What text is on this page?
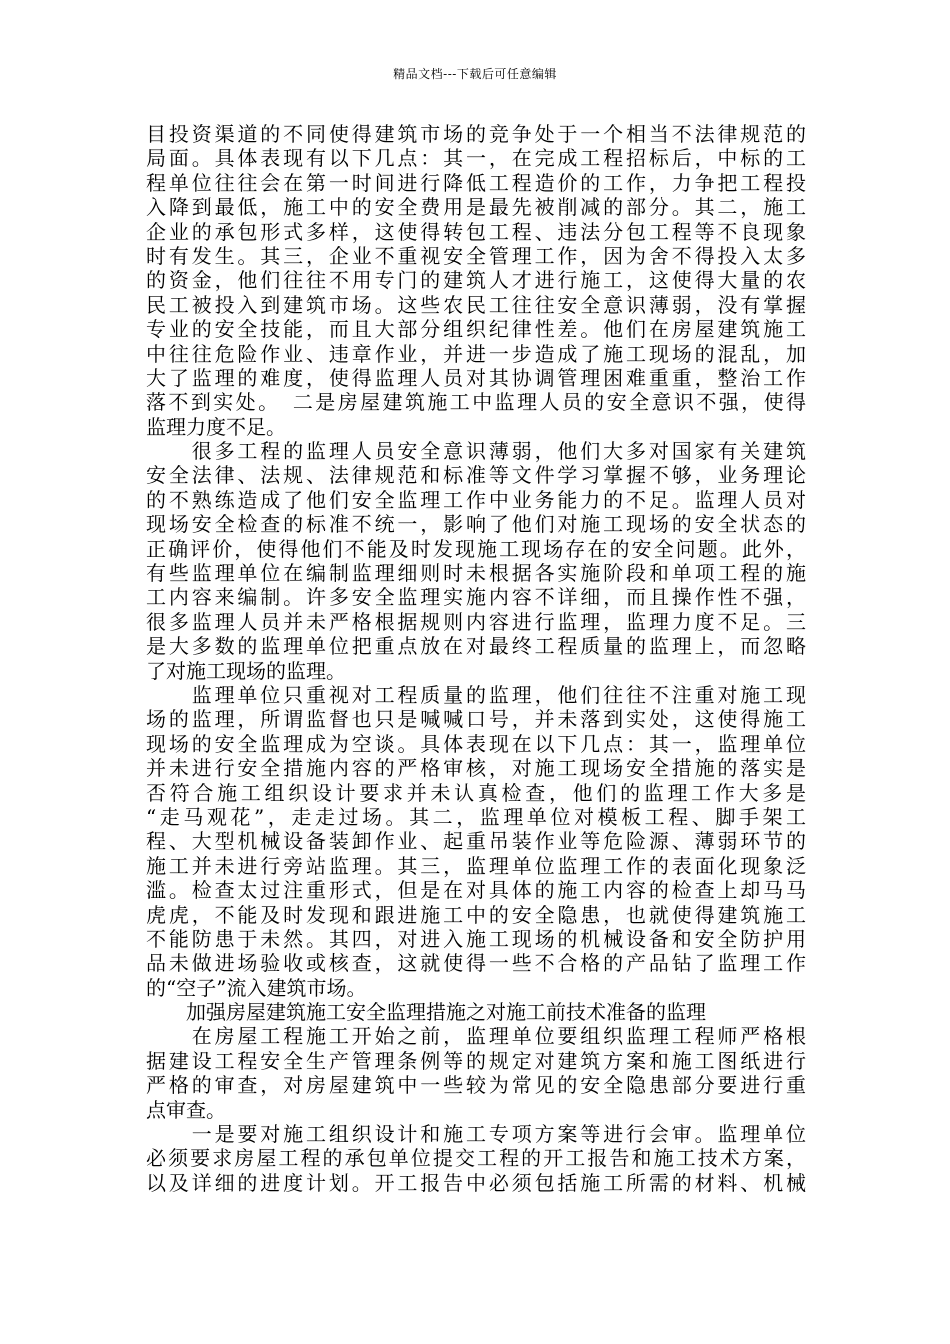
精品文档---下载后可任意编辑
目投资渠道的不同使得建筑市场的竞争处于一个相当不法律规范的
局面。具体表现有以下几点：其一，在完成工程招标后，中标的工
程单位往往会在第一时间进行降低工程造价的工作，力争把工程投
入降到最低，施工中的安全费用是最先被削减的部分。其二，施工
企业的承包形式多样，这使得转包工程、违法分包工程等不良现象
时有发生。其三，企业不重视安全管理工作，因为舍不得投入太多
的资金，他们往往不用专门的建筑人才进行施工，这使得大量的农
民工被投入到建筑市场。这些农民工往往安全意识薄弱，没有掌握
专业的安全技能，而且大部分组织纪律性差。他们在房屋建筑施工
中往往危险作业、违章作业，并进一步造成了施工现场的混乱，加
大了监理的难度，使得监理人员对其协调管理困难重重，整治工作
落不到实处。　二是房屋建筑施工中监理人员的安全意识不强，使得
监理力度不足。
　　很多工程的监理人员安全意识薄弱，他们大多对国家有关建筑
安全法律、法规、法律规范和标准等文件学习掌握不够，业务理论
的不熟练造成了他们安全监理工作中业务能力的不足。监理人员对
现场安全检查的标准不统一，影响了他们对施工现场的安全状态的
正确评价，使得他们不能及时发现施工现场存在的安全问题。此外，
有些监理单位在编制监理细则时未根据各实施阶段和单项工程的施
工内容来编制。许多安全监理实施内容不详细，而且操作性不强，
很多监理人员并未严格根据规则内容进行监理，监理力度不足。三
是大多数的监理单位把重点放在对最终工程质量的监理上，而忽略
了对施工现场的监理。
　　监理单位只重视对工程质量的监理，他们往往不注重对施工现
场的监理，所谓监督也只是喊喊口号，并未落到实处，这使得施工
现场的安全监理成为空谈。具体表现在以下几点：其一，监理单位
并未进行安全措施内容的严格审核，对施工现场安全措施的落实是
否符合施工组织设计要求并未认真检查，他们的监理工作大多是
“走马观花”，走走过场。其二，监理单位对模板工程、脚手架工
程、大型机械设备装卸作业、起重吊装作业等危险源、薄弱环节的
施工并未进行旁站监理。其三，监理单位监理工作的表面化现象泛
滥。检查太过注重形式，但是在对具体的施工内容的检查上却马马
虎虎，不能及时发现和跟进施工中的安全隐患，也就使得建筑施工
不能防患于未然。其四，对进入施工现场的机械设备和安全防护用
品未做进场验收或核查，这就使得一些不合格的产品钻了监理工作
的“空子”流入建筑市场。
　　加强房屋建筑施工安全监理措施之对施工前技术准备的监理
　　在房屋工程施工开始之前，监理单位要组织监理工程师严格根
据建设工程安全生产管理条例等的规定对建筑方案和施工图纸进行
严格的审查，对房屋建筑中一些较为常见的安全隐患部分要进行重
点审查。
　　一是要对施工组织设计和施工专项方案等进行会审。监理单位
必须要求房屋工程的承包单位提交工程的开工报告和施工技术方案，
以及详细的进度计划。开工报告中必须包括施工所需的材料、机械
